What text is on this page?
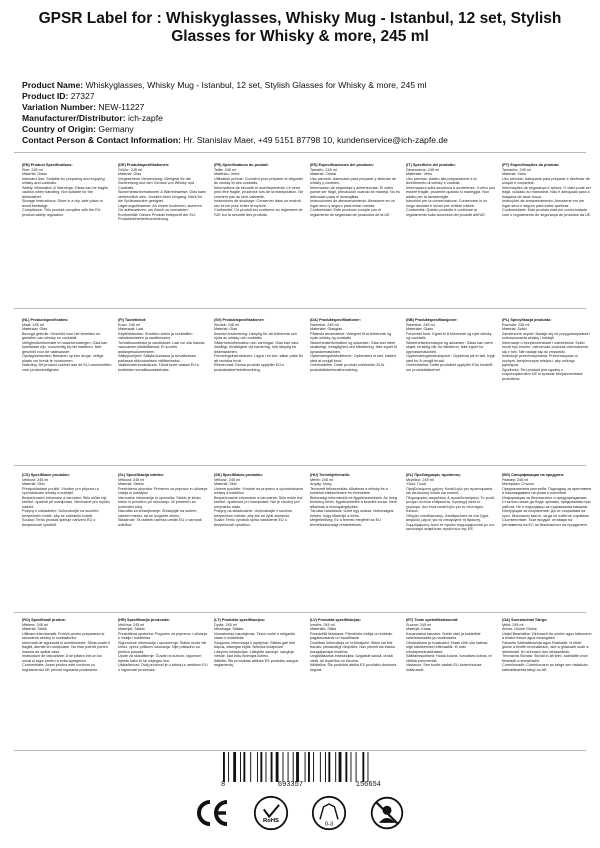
GPSR Label for : Whiskyglasses, Whisky Mug - Istanbul, 12 set, Stylish Glasses for Whisky & more, 245 ml
Product Name: Whiskyglasses, Whisky Mug - Istanbul, 12 set, Stylish Glasses for Whisky & more, 245 ml
Product ID: 27327
Variation Number: NEW-11227
Manufacturer/Distributor: ich-zapfe
Country of Origin: Germany
Contact Person & Contact Information: Hr. Stanislav Maer, +49 5151 87798 10, kundenservice@ich-zapfe.de
(EN) Product Specifications:

Size: 245 ml
Material: Glass
Intended Use: Suitable for preparing and enjoying whisky and cocktails.
Safety Information & Warnings: Glass can be fragile, caution when handling. Not suitable for the dishwasher.
Storage Instructions: Store in a dry, safe place to avoid breakage.
Compliance: This product complies with the EU product safety regulation.

(DE) Produktspezifikationen:

Größe: 245 ml
Material: Glas
Vorgesehene Verwendung: Geeignet für die Zubereitung und den Genuss von Whisky und Cocktails.
Sicherheitsinformationen & Warnhinweise: Glas kann zerbrechlich sein, Vorsicht beim Umgang. Nicht für die Spülmaschine geeignet.
Lagerungshinweise: An einem trockenen, sicheren Ort aufbewahren, um Bruch zu vermeiden.
Konformität: Dieses Produkt entspricht der EU-Produktsicherheitsverordnung.

(FR) Spécifications du produit:

Taille: 245 ml
Matériau: Verre
Utilisation prévue: Convient pour préparer et déguster du whisky et des cocktails.
Informations de sécurité et avertissements: Le verre peut être fragile, prudence lors de la manipulation. Ne convient pas au lave-vaisselle.
Instructions de stockage: Conserver dans un endroit sec et sûr pour éviter la rupture.
Conformité: Ce produit est conforme au règlement de l'UE sur la sécurité des produits.

(ES) Especificaciones del producto:

Tamaño: 245 ml
Material: Cristal
Uso previsto: Adecuado para preparar y disfrutar de whisky y cócteles.
Información de seguridad y advertencias: El vidrio puede ser frágil, precaución cuando se maneja. No es adecuado para el lavavajillas.
Instrucciones de almacenamiento: Almacene en un lugar seco y seguro para evitar roturas.
Conformidad: Este producto cumple con el reglamento de seguridad de productos de la UE.

(IT) Specifiche del prodotto:

Dimensione: 245 ml
Materiale: Vetro
Uso previsto: Adatto alla preparazione e al divertimento di whisky e cocktail.
Informazioni sulla sicurezza e avvertenze: Il vetro può essere fragile, prudente quando si maneggia. Non adatto per la lavastoviglie.
Istruzioni per la conservazione: Conservare in un luogo asciutto e sicuro per evitare rotture.
Conformità: Questo prodotto è conforme al regolamento sulla sicurezza dei prodotti dell'UE.

(PT) Especificações do produto:

Tamanho: 245 ml
Material: Vidro
Uso previsto: Adequado para preparar e desfrutar de uísque e coquetéis.
Informações de segurança e avisos: O vidro pode ser frágil, cuidado ao manusear. Não é adequado para a máquina de lavar louça.
Instruções de armazenamento: Armazene em um lugar seco e seguro para evitar quebras.
Conformidade: Este produto está em conformidade com o regulamento de segurança de produtos da UE.

(NL) Productspecificaties:

Maat: 245 ml
Materiaal: Glas
Beoogd gebruik: Geschikt voor het bereiden en genieten van whisky en cocktails
Veiligheidsinformatie en waarschuwingen: Glas kan kwetsbaar zijn, voorzichtig bij het hanteren. Niet geschikt voor de vaatwasser.
Opslaginstructies: Bewaren op een droge, veilige plaats om breuk te voorkomen.
Naleving: Dit product voldoet aan de EU-voorschriften voor productveiligheid.

(FI) Tuotetiedot:

Koko: 245 ml
Materiaali: Lasi
Käyttötarkoitus: Soveltuu viskin ja cocktailien valmistamiseen ja nauttimiseen.
Turvallisuustiedot ja varoitukset: Lasi voi olla hauras, varovainen käsiteltäessä. Ei sovellu astianpesukoneeseen.
Säilytysohjeet: Säilytä kuivassa ja turvallisessa paikassa rikkoutumisen välttämiseksi.
Vaatimustenmukaisuus: Tämä tuote vastaa EU:n tuotteiden turvallisuusasetusta.

(SV) Produktspecifikationer:

Storlek: 245 ml
Material: Glas
Avsedd användning: Lämplig för att förbereda och njuta av whisky och cocktails
Säkerhetsinformation och varningar: Glas kan vara ömtåligt, försiktighet vid hantering. Inte lämplig för diskmaskinen.
Förvaringsinstruktioner: Lagra i en torr, säker plats för att undvika brott.
Efterlevnad: Denna produkt uppfyller EU:s produktsäkerhetsförordning.

(DA) Produktspecifikationer:

Størrelse: 245 ml
Materiale: Glasglas
Påtænkt anvendelse: Velegnet til at forberede og nyde whisky og cocktails
Sikkerhedsinformation og advarsler: Glas kan være skrøbeligt, forsigtighed ved håndtering. Ikke egnet til opvaskemaskinen.
Opbevaringsinstruktioner: Opbevares et tørt, sikkert sted at undgå brud.
Overholdelse: Dette produkt overholder EU's produktsikkerhedsforordning.

(NB) Produktspesifikasjoner:

Størrelse: 245 ml
Materiale: Glass
Forventet bruk: Egnet til å forberede og nyte whisky og cocktails
Sikkerhetsinformasjon og advarsler: Glass kan være skjørt, forsiktig når du håndterer. Ikke egnet for oppvaskmaskinen.
Oppbevaringsinstruksjoner: Oppbevar på et tørt, trygt sted for å unngå brudd.
Overholdelse: Dette produktet oppfyller EUs forskrift om produktsikkerhet.

(PL) Specyfikacja produktu:

Rozmiar: 245 ml
Materiał: Szkło
Zamierzone użycie: Nadaje się do przygotowywania i rozkoszowania whisky i koktajli
Informacje o bezpieczeństwie i ostrzeżenia: Szkło może być kruche, ostrożność podczas obchodzenia się z nim. Nie nadaje się do zmywarki.
Instrukcje przechowywania: Przechowywać w suchym, bezpiecznym miejscu, aby uniknąć pęknięcia.
Zgodność: Ten produkt jest zgodny z rozporządzeniem UE w sprawie bezpieczeństwa produktów.

(CS) Specifikace produktu:

Velikost: 245 ml
Materiál: Sklo
Předpokládané použití: Vhodné pro přípravu a vychutnávání whisky a koktejlů
Bezpečnostní informace a varování: Sklo může být křehké, opatrné při manipulaci. Nevhodné pro myčku nádobí.
Pokyny k uskladnění: Uchovávejte na suchém, bezpečném místě, aby se zabránilo rozbití.
Soulad: Tento produkt splňuje nařízení EU o bezpečnosti výrobků.

(SL) Specifikacija izdelka:

Velikost: 245 ml
Material: Steklo
Predvidena uporaba: Primerno za pripravo in uživanje viskija in koktajlov
Varnostne informacije in opozorila: Steklo je lahko krhko in previdno pri rokovanju. Ni primeren za pomivalni stroj.
Navodila za shranjevanje: Shranjujte na suhem, varnem mestu, da se izognete zlomu.
Skladnost: Ta izdelek ustreza uredbi EU o varnosti izdelkov.

(SK) Špecifikácia produktu:

Veľkosť: 245 ml
Materiál: Sklo
Určené použitie: Vhodné na prípravu a vychutnávanie whisky a kokteilov
Bezpečnostné informácie a varovania: Sklo môže byť krehké, opatrnosť pri manipulácii. Nie je vhodný pre umývačku riadu.
Pokyny na skladovanie: Uchovávajte v suchom, bezpečnom mieste, aby ste sa vyhli zlomeniu.
Súlad: Tento výrobok spĺňa nariadenie EÚ o bezpečnosti výrobkov.

(HU) Termékjellemzők:

Méret: 245 ml
Anyag: Üveg
Tervezett felhasználás: Alkalmas a whisky és a koktélok elkészítésére és élvezetére
Biztonsági információk és figyelmeztetések: Az üveg törékeny lehet, figyelmeztetés a kezelés során. Nem alkalmas a mosogatógéphez.
Tárolási utasítások: Üzlet egy száraz, biztonságos helyen, hogy elkerülje a törés.
Megfelelőség: Ez a termék megfelel az EU termékbiztonsági rendeletének.

(EL) Προδιαγραφές προϊόντος:

Μέγεθος: 245 ml
Υλικό: Γυαλί
Προβλεπόμενη χρήση: Κατάλληλο για προετοιμασία και απόλαυση ουίσκι και κοκτέιλ
Πληροφορίες ασφαλείας & προειδοποιήσεις: Το γυαλί μπορεί να είναι εύθραυστο, προσοχή κατά το χειρισμό. Δεν είναι κατάλληλο για το πλυντήριο πιάτων.
Οδηγίες αποθήκευσης: Αποθηκεύστε σε ένα ξηρό, ασφαλές μέρος για να αποφύγετε τη θραύση.
Συμμόρφωση: Αυτό το προϊόν συμμορφώνεται με τον κανονισμό ασφάλειας προϊόντων της ΕΕ.

(BG) Спецификация на продукта:

Размер: 245 ml
Материал: Стъкло
Предназначена употреба: Подходящ за приготвяне и наслаждаване на уиски и коктейли
Информация за безопасност и предупреждения: Стъклото може да бъде чупливо, предпазливо при работа. Не е подходящо за съдомиялна машина.
Инструкции за съхранение: Да се съхранява на сухо, безопасно място, за да се избегне счупване.
Съответствие: Този продукт отговаря на регламента на ЕС за безопасност на продуктите.

(RO) Specificații produs:

Mărime: 245 ml
Material: Sticlă
Utilizare intenționată: Potrivit pentru prepararea și savurarea whisky și cocktailurilor
Informații de siguranță și avertismente: Sticla poate fi fragilă, atenție la manipulare. Nu este potrivit pentru mașina de spălat vase.
Instrucțiuni de depozitare: A se păstra într-un loc uscat și sigur pentru a evita spargerea.
Conformitate: Acest produs este conform cu regulamentul UE privind siguranța produselor.

(HR) Specifikacija proizvoda:

Veličina: 245 ml
Materijal: Staklo
Predviđena upotreba: Pogodno za pripremu i uživanje u viskiju i koktelima
Sigurnosne informacije i upozorenja: Staklo može biti krhko, oprez prilikom rukovanja. Nije prikladno za perilicu posuđa.
Upute za skladištenje: Čuvati na suhom, sigurnom mjestu kako bi se izbjegao lom.
Usklađenost: Ovaj proizvod je u skladu s uredbom EU o sigurnosti proizvoda.

(LT) Produkto specifikacijos:

Dydis: 245 ml
Medžiaga: Stiklas
Numatomas naudojimas: Tinka ruošti ir mėgautis viskiu ir kokteiliais
Saugumo informacija ir įspėjimai: Stiklas gali būti trapus, atsargiai elgtis. Netinka indaplovei.
Laikymo instrukcijos: Laikykite sausoje, saugioje vietoje, kad būtų išvengta lūžimo.
Atitiktis: Šis produktas atitinka ES produktų saugos reglamentą.

(LV) Produkta specifikācijas:

Izmērs: 245 ml
Materiāls: Stikls
Paredzētā lietošana: Piemērots viskija un kokteiļu pagatavošanai un baudīšanai
Drošības informācija un brīdinājumi: Stikls var būt trausls, piesardzīgi rīkojoties. Nav piemērots trauku mazgājamajai mašīnai.
Uzglabāšanas instrukcijas: Uzglabāt sausā, drošā vietā, lai izvairītos no lūzuma.
Atbilstība: Šis produkts atbilst ES produktu drošuma regulai.

(ET) Toote spetsifikatsioonid:

Suurus: 245 ml
Materjal: Klaas
Kavandatud kasutus: Sobib viski ja kokteilide valmistamiseks ja nautimiseks
Ohutusteave ja hoiatused: Klaas võib olla habras, olge käsitsemisel ettevaatlik. Ei sobi nõudepesumasinasse.
Säilitamisjuhised: Hoida kuivas, turvalises kohas, et vältida purunemist.
Vastavus: See toode vastab ELi tooteohutuse määrusele.

(GA) Sonraíochtaí Táirge:

Méid: 245 ml
Ábhar: Gloine Gloine
Úsáid Beartaithe: Oiriúnach do uimhic agus taitneamh a bhaint fuisce agus mhanglaim
Faisnéis Sábháilteachta agus Rabhadh: Is féidir gloine a bheith leochaileach, aire a ghlacadh nuair a láimhseáil. Ní oiriúnach don mhiasniteoir.
Treoracha Stórála: Stóráil in áit tirim, sábháilte chun briseadh a sheachaint.
Comhlíonadh: Comhlíonann an táirge seo rialachán sábháilteachta táirgí an AE.

8	693357	156654
RoHS
0-3
